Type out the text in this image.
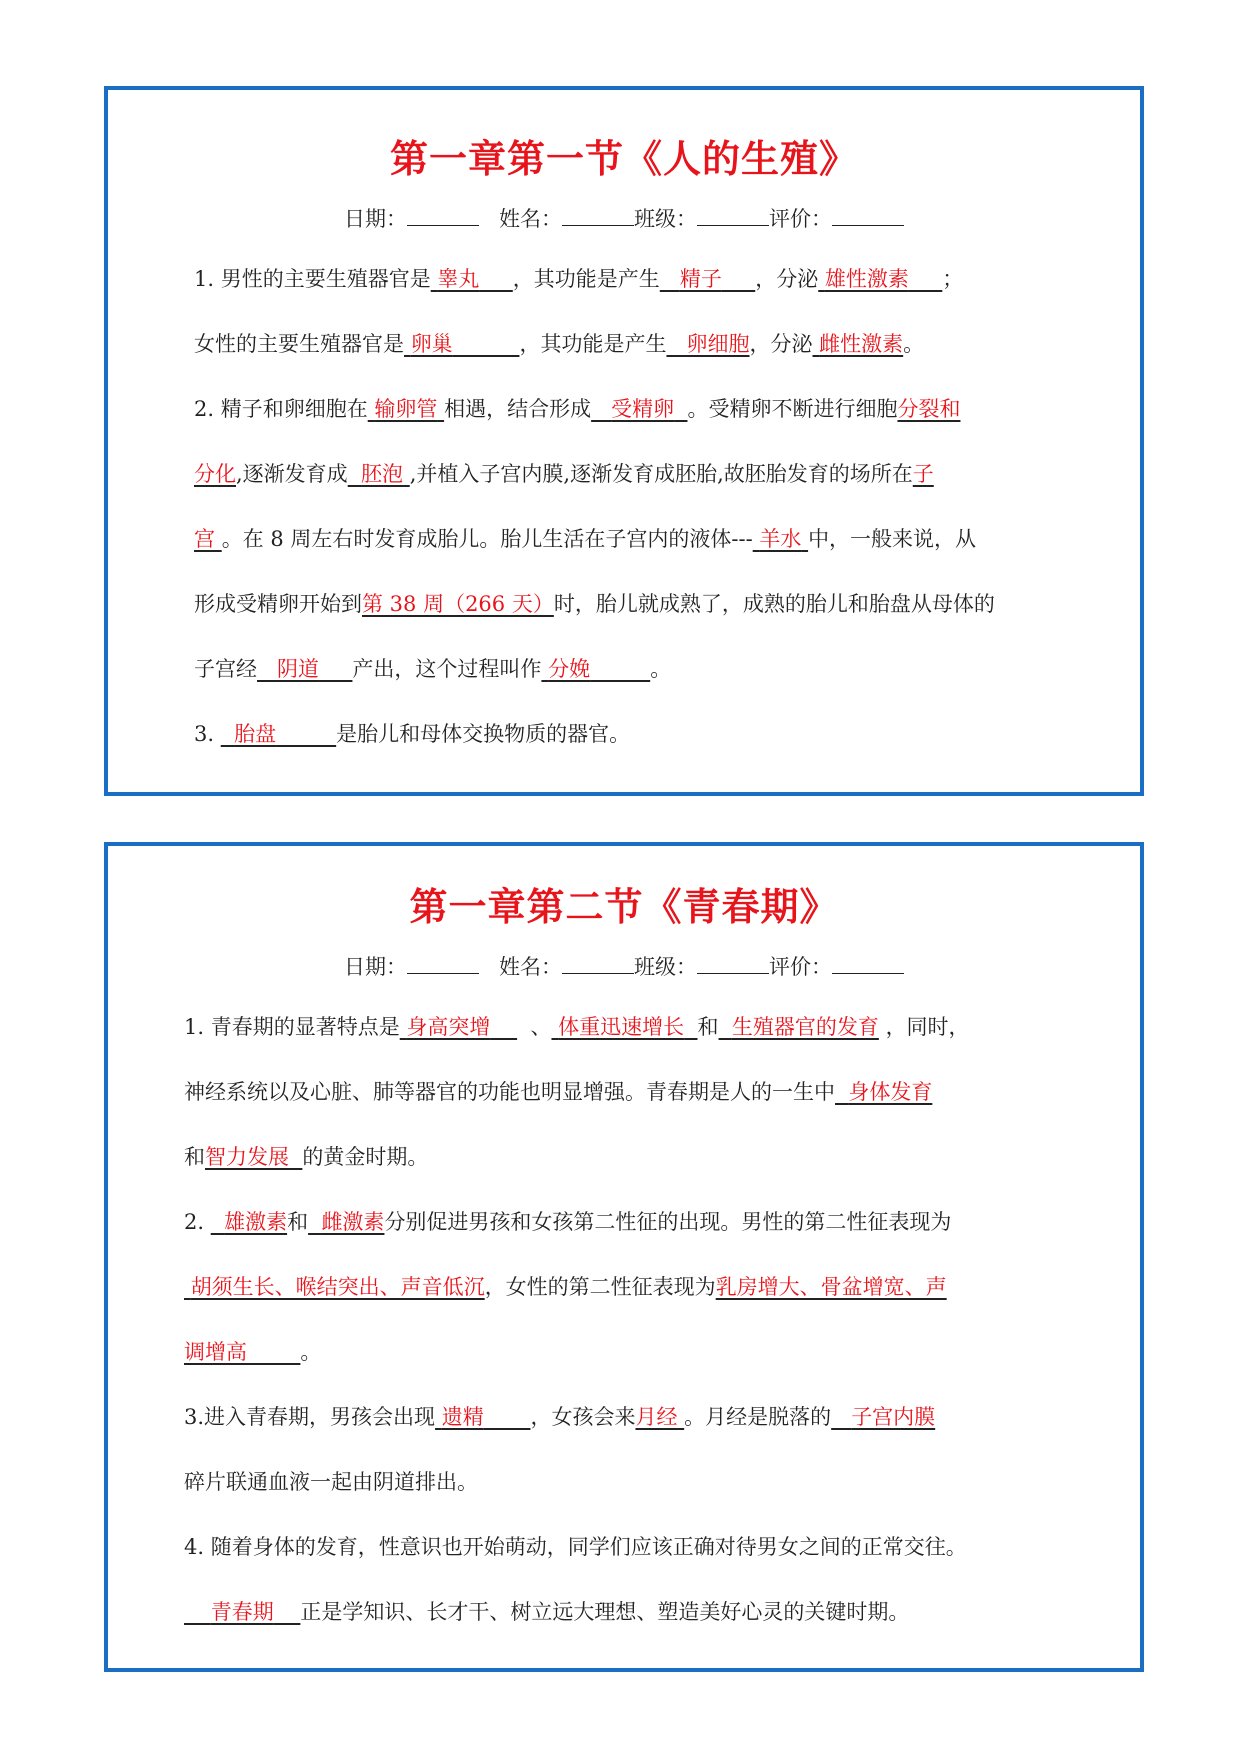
第一章第一节《人的生殖》
日期：	姓名：	班级：	评价：
1. 男性的主要生殖器官是 睾丸 ，其功能是产生 精子 ，分泌 雄性激素 ；
女性的主要生殖器官是 卵巢	，其功能是产生 卵细胞，分泌 雌性激素。
2. 精子和卵细胞在 输卵管 相遇，结合形成 受精卵 。受精卵不断进行细胞分裂和
分化,逐渐发育成 胚泡 ,并植入子宫内膜,逐渐发育成胚胎,故胚胎发育的场所在子
宫 。在 8 周左右时发育成胎儿。胎儿生活在子宫内的液体--- 羊水 中，一般来说，从
形成受精卵开始到第 38 周（266 天）时，胎儿就成熟了，成熟的胎儿和胎盘从母体的
子宫经 阴道 产出，这个过程叫作 分娩	。
3.   胎盘	是胎儿和母体交换物质的器官。
第一章第二节《青春期》
日期：	姓名：	班级：	评价：
1. 青春期的显著特点是 身高突增 、 体重迅速增长 和 生殖器官的发育 ，同时，
神经系统以及心脏、肺等器官的功能也明显增强。青春期是人的一生中 身体发育
和智力发展 的黄金时期。
2.   雄激素和 雌激素分别促进男孩和女孩第二性征的出现。男性的第二性征表现为
胡须生长、喉结突出、声音低沉，女性的第二性征表现为乳房增大、骨盆增宽、声
调增高	。
3.进入青春期，男孩会出现 遗精 ，女孩会来月经 。月经是脱落的 子宫内膜
碎片联通血液一起由阴道排出。
4. 随着身体的发育，性意识也开始萌动，同学们应该正确对待男女之间的正常交往。
青春期 正是学知识、长才干、树立远大理想、塑造美好心灵的关键时期。
